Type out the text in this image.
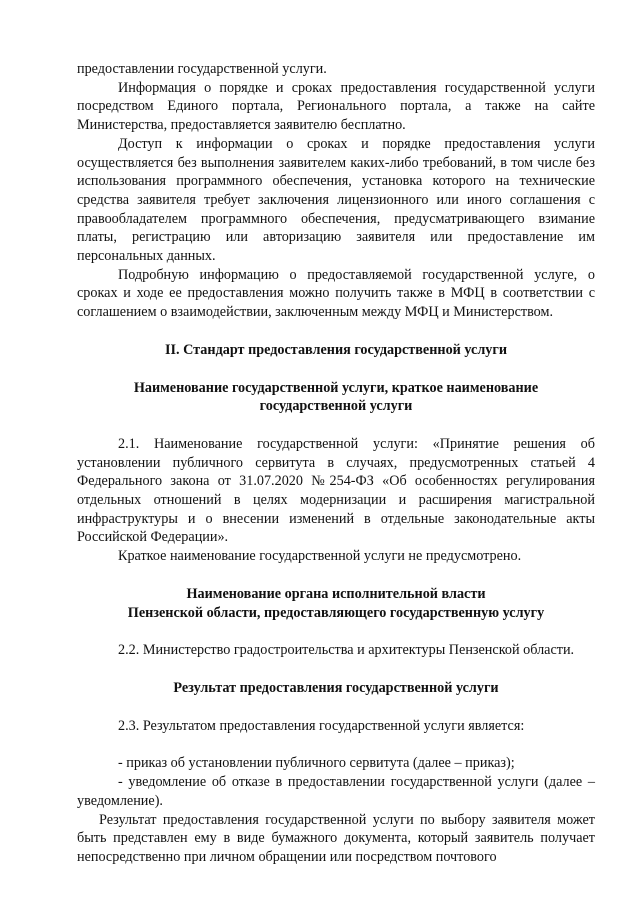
предоставлении государственной услуги.

Информация о порядке и сроках предоставления государственной услуги посредством Единого портала, Регионального портала, а также на сайте Министерства, предоставляется заявителю бесплатно.

Доступ к информации о сроках и порядке предоставления услуги осуществляется без выполнения заявителем каких-либо требований, в том числе без использования программного обеспечения, установка которого на технические средства заявителя требует заключения лицензионного или иного соглашения с правообладателем программного обеспечения, предусматривающего взимание платы, регистрацию или авторизацию заявителя или предоставление им персональных данных.

Подробную информацию о предоставляемой государственной услуге, о сроках и ходе ее предоставления можно получить также в МФЦ в соответствии с соглашением о взаимодействии, заключенным между МФЦ и Министерством.

II. Стандарт предоставления государственной услуги

Наименование государственной услуги, краткое наименование

государственной услуги

2.1. Наименование государственной услуги: «Принятие решения об установлении публичного сервитута в случаях, предусмотренных статьей 4 Федерального закона от 31.07.2020 №254-ФЗ «Об особенностях регулирования отдельных отношений в целях модернизации и расширения магистральной инфраструктуры и о внесении изменений в отдельные законодательные акты Российской Федерации».

Краткое наименование государственной услуги не предусмотрено.

Наименование органа исполнительной власти

Пензенской области, предоставляющего государственную услугу

2.2. Министерство градостроительства и архитектуры Пензенской области.

Результат предоставления государственной услуги

2.3. Результатом предоставления государственной услуги является:

- приказ об установлении публичного сервитута (далее – приказ);

- уведомление об отказе в предоставлении государственной услуги (далее – уведомление).

Результат предоставления государственной услуги по выбору заявителя может быть представлен ему в виде бумажного документа, который заявитель получает непосредственно при личном обращении или посредством почтового
